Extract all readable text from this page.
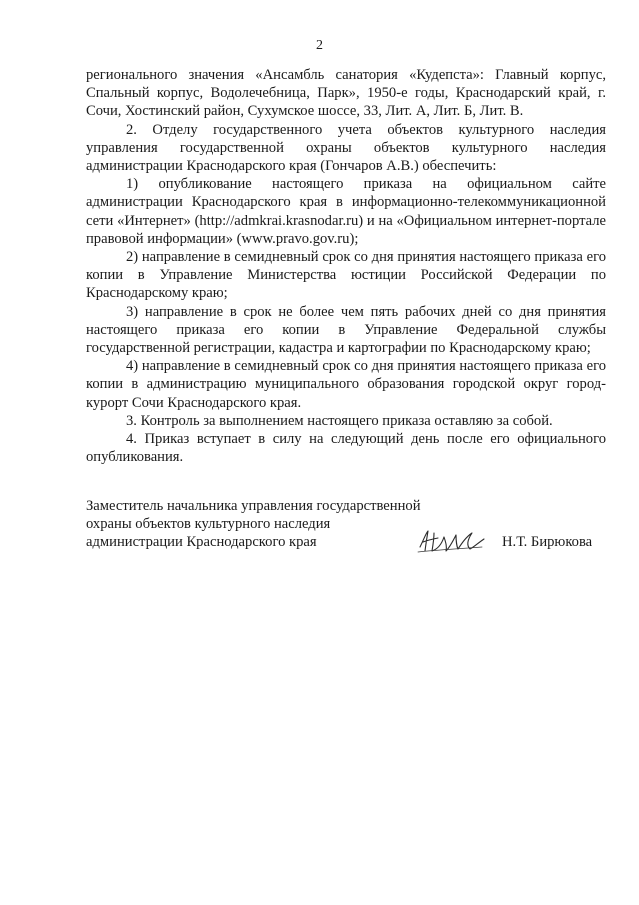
2

регионального значения «Ансамбль санатория «Кудепста»: Главный корпус, Спальный корпус, Водолечебница, Парк», 1950-е годы, Краснодарский край, г. Сочи, Хостинский район, Сухумское шоссе, 33, Лит. А, Лит. Б, Лит. В.

2. Отделу государственного учета объектов культурного наследия управления государственной охраны объектов культурного наследия администрации Краснодарского края (Гончаров А.В.) обеспечить:

1) опубликование настоящего приказа на официальном сайте администрации Краснодарского края в информационно-телекоммуникационной сети «Интернет» (http://admkrai.krasnodar.ru) и на «Официальном интернет-портале правовой информации» (www.pravo.gov.ru);

2) направление в семидневный срок со дня принятия настоящего приказа его копии в Управление Министерства юстиции Российской Федерации по Краснодарскому краю;

3) направление в срок не более чем пять рабочих дней со дня принятия настоящего приказа его копии в Управление Федеральной службы государственной регистрации, кадастра и картографии по Краснодарскому краю;

4) направление в семидневный срок со дня принятия настоящего приказа его копии в администрацию муниципального образования городской округ город-курорт Сочи Краснодарского края.

3. Контроль за выполнением настоящего приказа оставляю за собой.

4. Приказ вступает в силу на следующий день после его официального опубликования.

Заместитель начальника управления государственной
охраны объектов культурного наследия
администрации Краснодарского края	Н.Т. Бирюкова
